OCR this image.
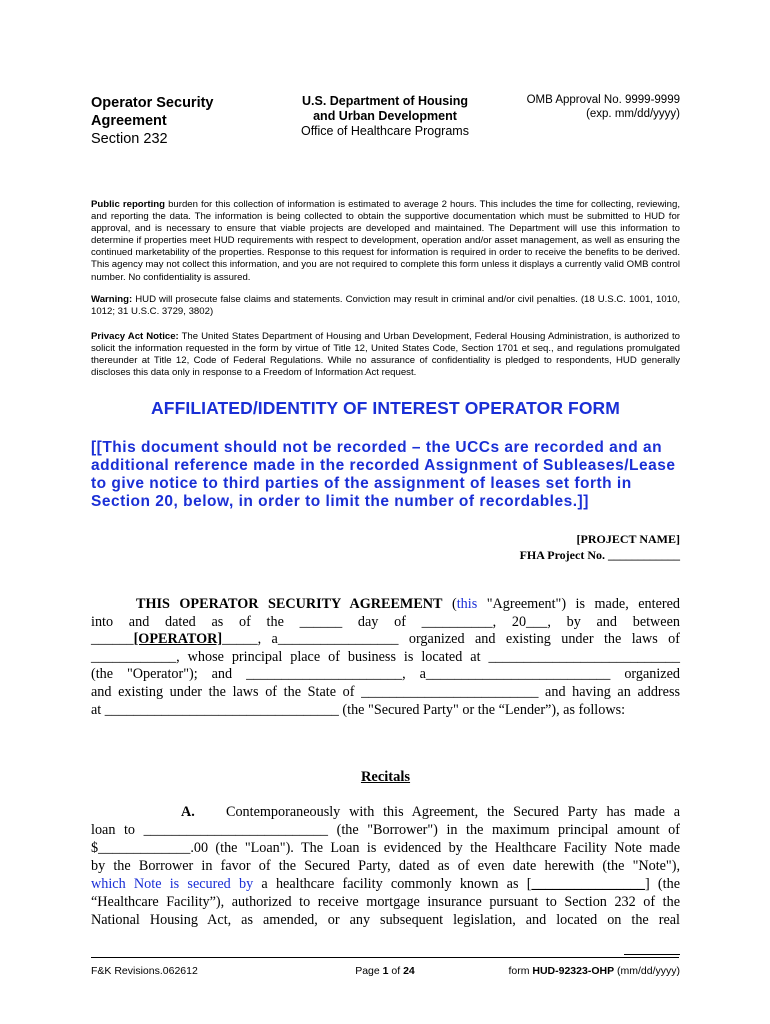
Operator Security
Agreement
Section 232
U.S. Department of Housing
and Urban Development
Office of Healthcare Programs
OMB Approval No. 9999-9999
(exp. mm/dd/yyyy)
Public reporting burden for this collection of information is estimated to average 2 hours. This includes the time for collecting, reviewing, and reporting the data. The information is being collected to obtain the supportive documentation which must be submitted to HUD for approval, and is necessary to ensure that viable projects are developed and maintained. The Department will use this information to determine if properties meet HUD requirements with respect to development, operation and/or asset management, as well as ensuring the continued marketability of the properties. Response to this request for information is required in order to receive the benefits to be derived. This agency may not collect this information, and you are not required to complete this form unless it displays a currently valid OMB control number. No confidentiality is assured.
Warning: HUD will prosecute false claims and statements. Conviction may result in criminal and/or civil penalties. (18 U.S.C. 1001, 1010, 1012; 31 U.S.C. 3729, 3802)
Privacy Act Notice: The United States Department of Housing and Urban Development, Federal Housing Administration, is authorized to solicit the information requested in the form by virtue of Title 12, United States Code, Section 1701 et seq., and regulations promulgated thereunder at Title 12, Code of Federal Regulations. While no assurance of confidentiality is pledged to respondents, HUD generally discloses this data only in response to a Freedom of Information Act request.
AFFILIATED/IDENTITY OF INTEREST OPERATOR FORM
[[This document should not be recorded – the UCCs are recorded and an additional reference made in the recorded Assignment of Subleases/Lease to give notice to third parties of the assignment of leases set forth in Section 20, below, in order to limit the number of recordables.]]
[PROJECT NAME]
FHA Project No. ____________
THIS OPERATOR SECURITY AGREEMENT (this "Agreement") is made, entered
into and dated as of the ______ day of __________, 20___, by and between
______[OPERATOR]_____, a_________________ organized and existing under the laws of
____________, whose principal place of business is located at ___________________________
(the "Operator"); and ______________________, a__________________________ organized
and existing under the laws of the State of _________________________ and having an address
at _________________________________ (the "Secured Party" or the “Lender”), as follows:
Recitals
A. Contemporaneously with this Agreement, the Secured Party has made a
loan to __________________________ (the "Borrower") in the maximum principal amount of
$_____________.00 (the "Loan"). The Loan is evidenced by the Healthcare Facility Note made
by the Borrower in favor of the Secured Party, dated as of even date herewith (the "Note"),
which Note is secured by a healthcare facility commonly known as [________________] (the
“Healthcare Facility”), authorized to receive mortgage insurance pursuant to Section 232 of the
National Housing Act, as amended, or any subsequent legislation, and located on the real
F&K Revisions.062612	Page 1 of 24	form HUD-92323-OHP (mm/dd/yyyy)
